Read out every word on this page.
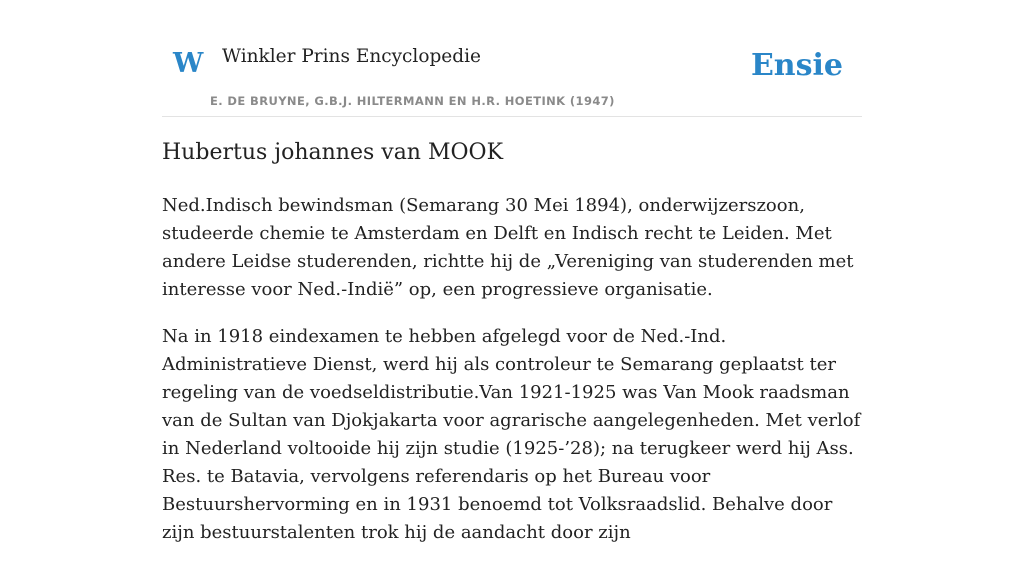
W Winkler Prins Encyclopedie
E. DE BRUYNE, G.B.J. HILTERMANN EN H.R. HOETINK (1947)
Ensie
Hubertus johannes van MOOK

Ned.Indisch bewindsman (Semarang 30 Mei 1894), onderwijzerszoon, studeerde chemie te Amsterdam en Delft en Indisch recht te Leiden. Met andere Leidse studerenden, richtte hij de „Vereniging van studerenden met interesse voor Ned.-Indië” op, een progressieve organisatie.

Na in 1918 eindexamen te hebben afgelegd voor de Ned.-Ind. Administratieve Dienst, werd hij als controleur te Semarang geplaatst ter regeling van de voedseldistributie.Van 1921-1925 was Van Mook raadsman van de Sultan van Djokjakarta voor agrarische aangelegenheden. Met verlof in Nederland voltooide hij zijn studie (1925-’28); na terugkeer werd hij Ass. Res. te Batavia, vervolgens referendaris op het Bureau voor Bestuurshervorming en in 1931 benoemd tot Volksraadslid. Behalve door zijn bestuurstalenten trok hij de aandacht door zijn
